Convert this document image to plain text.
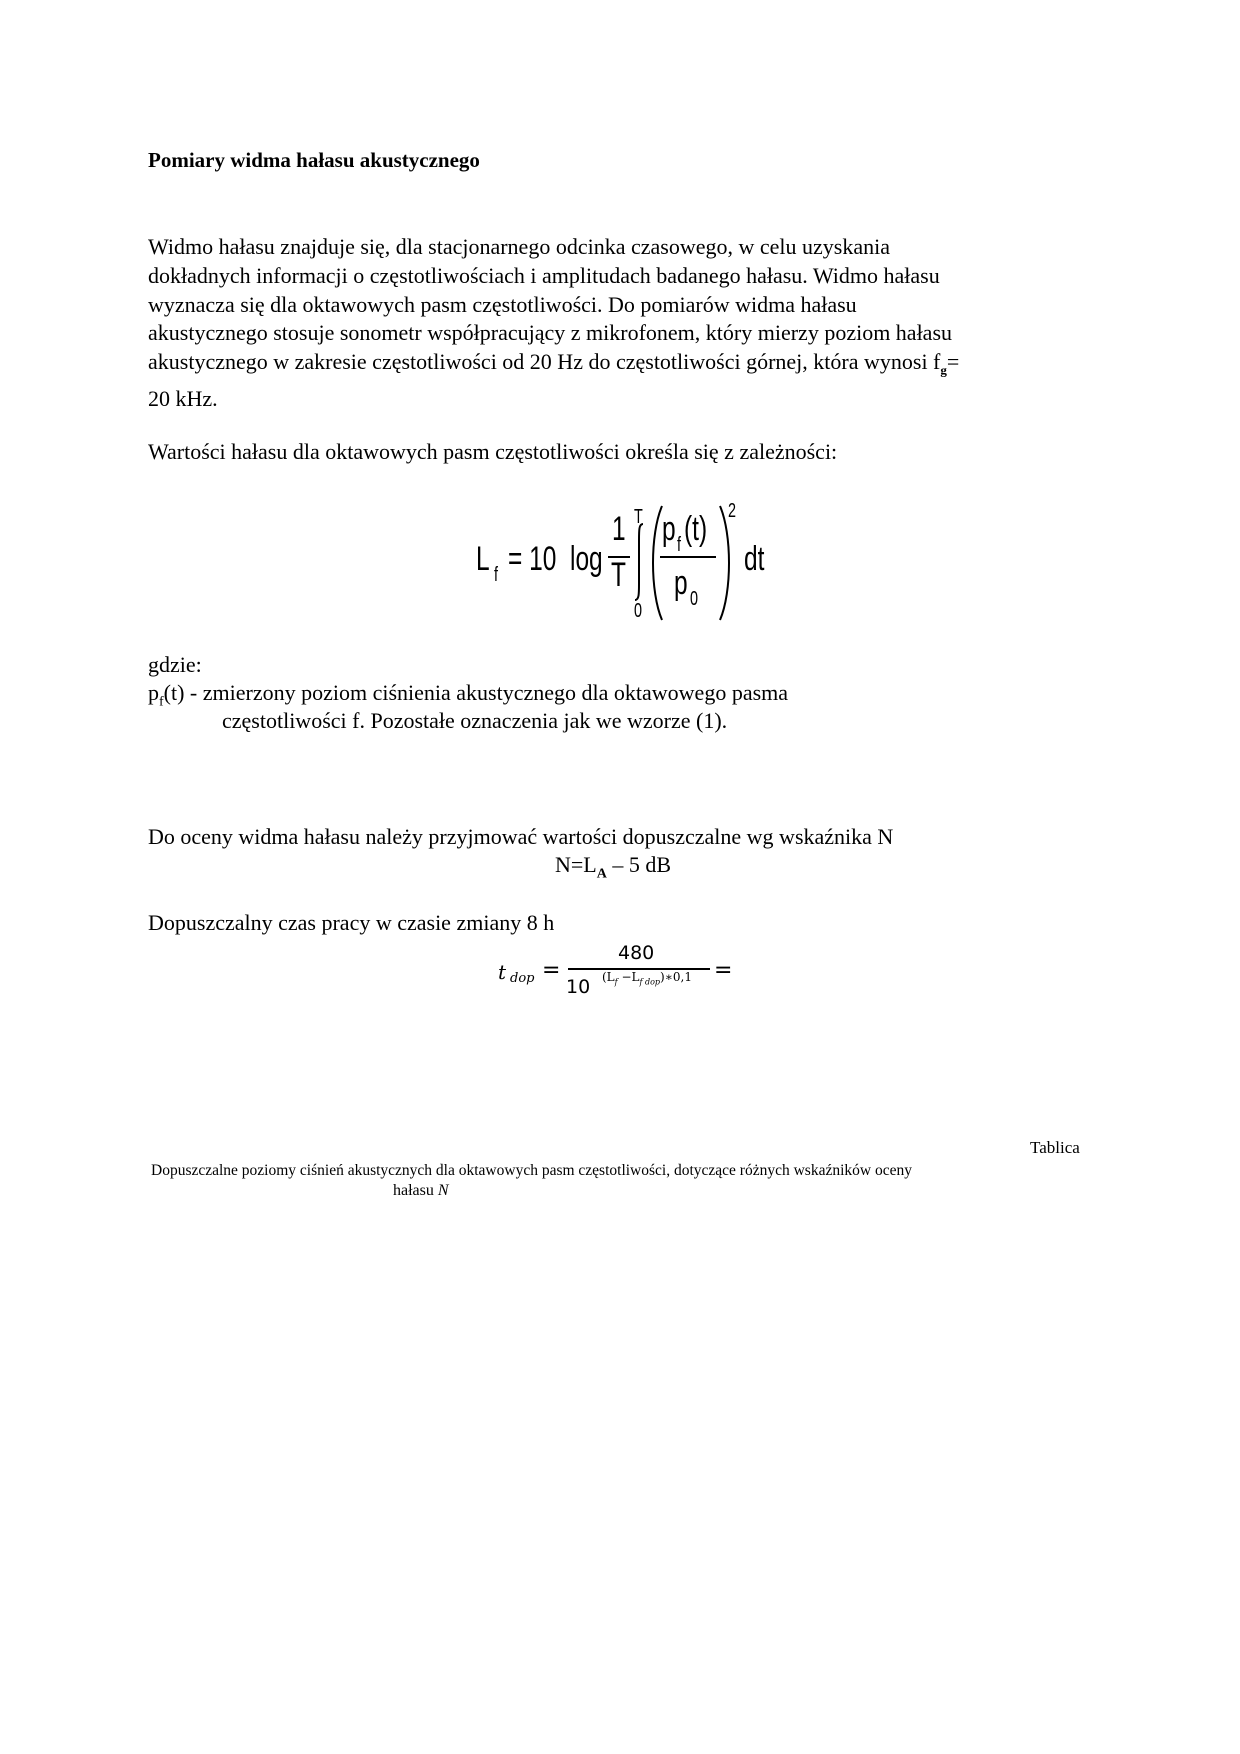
Pomiary widma hałasu akustycznego
Widmo hałasu znajduje się, dla stacjonarnego odcinka czasowego, w celu uzyskania
dokładnych informacji o częstotliwościach i amplitudach badanego hałasu. Widmo hałasu
wyznacza się dla oktawowych pasm częstotliwości. Do pomiarów widma hałasu
akustycznego stosuje sonometr współpracujący z mikrofonem, który mierzy poziom hałasu
akustycznego w zakresie częstotliwości od 20 Hz do częstotliwości górnej, która wynosi $f_g=$
20 kHz.
Wartości hałasu dla oktawowych pasm częstotliwości określa się z zależności:
L f = 10 log
1
T
T
0
p f (t)
p 0
2
dt
gdzie:
$p_f(t)$ - zmierzony poziom ciśnienia akustycznego dla oktawowego pasma
częstotliwości f. Pozostałe oznaczenia jak we wzorze (1).
Do oceny widma hałasu należy przyjmować wartości dopuszczalne wg wskaźnika N
$N=L_A - 5$ dB
Dopuszczalny czas pracy w czasie zmiany 8 h
t dop =
480
10 ($L_f$ $-L_{f dop})∗0,1$ =
Tablica
Dopuszczalne poziomy ciśnień akustycznych dla oktawowych pasm częstotliwości, dotyczące różnych wskaźników oceny
hałasu N
